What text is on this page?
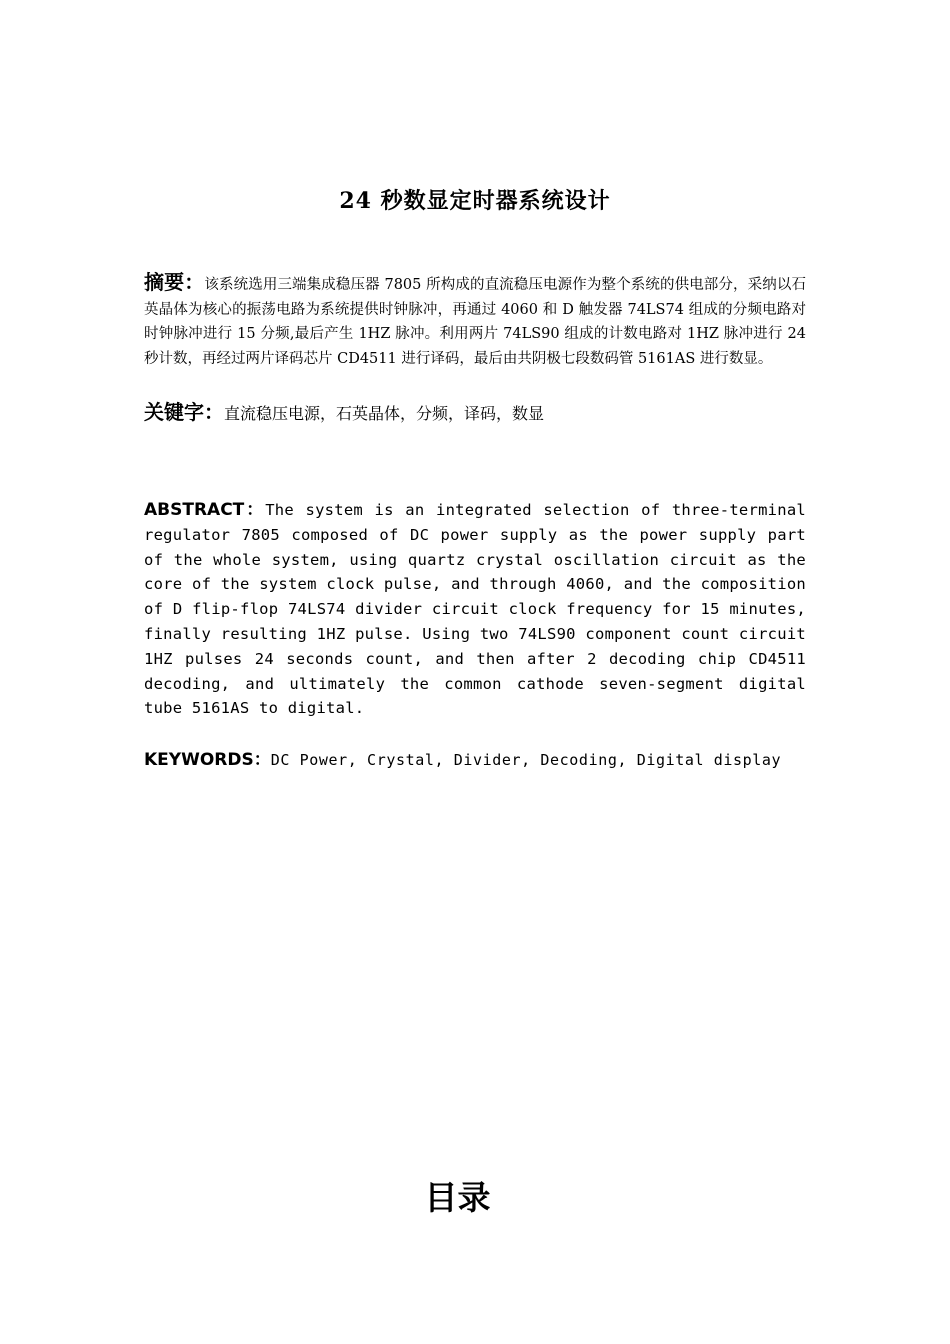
24 秒数显定时器系统设计
摘要：该系统选用三端集成稳压器 7805 所构成的直流稳压电源作为整个系统的供电部分，采纳以石英晶体为核心的振荡电路为系统提供时钟脉冲，再通过 4060 和 D 触发器 74LS74 组成的分频电路对时钟脉冲进行 15 分频,最后产生 1HZ 脉冲。利用两片 74LS90 组成的计数电路对 1HZ 脉冲进行 24 秒计数，再经过两片译码芯片 CD4511 进行译码，最后由共阴极七段数码管 5161AS 进行数显。
关键字：直流稳压电源，石英晶体，分频，译码，数显
ABSTRACT：The system is an integrated selection of three-terminal regulator 7805 composed of DC power supply as the power supply part of the whole system, using quartz crystal oscillation circuit as the core of the system clock pulse, and through 4060, and the composition of D flip-flop 74LS74 divider circuit clock frequency for 15 minutes, finally resulting 1HZ pulse. Using two 74LS90 component count circuit 1HZ pulses 24 seconds count, and then after 2 decoding chip CD4511 decoding, and ultimately the common cathode seven-segment digital tube 5161AS to digital.
KEYWORDS：DC Power, Crystal, Divider, Decoding, Digital display
目录
